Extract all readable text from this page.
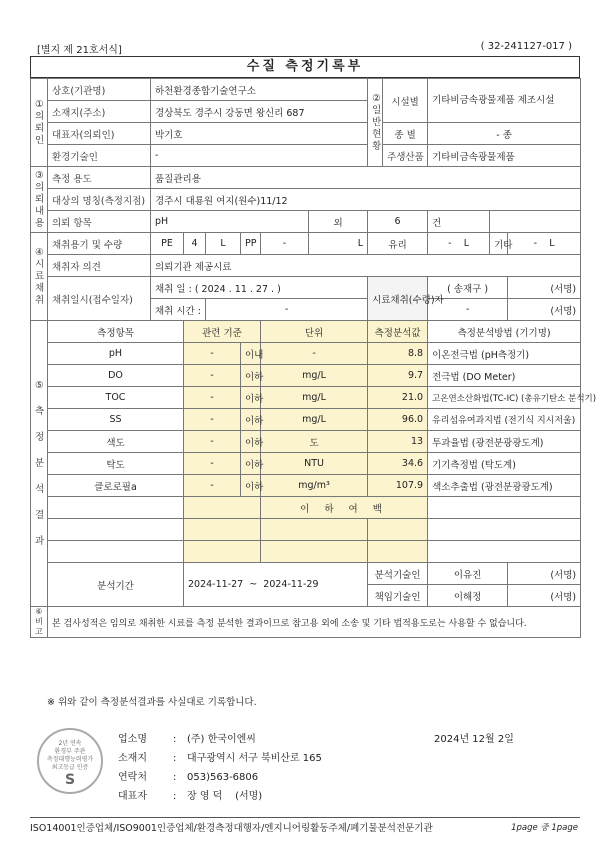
[별지 제 21호서식]	( 32-241127-017 )
수질 측정기록부
① 의 뢰 인	상호(기관명)	하천환경종합기술연구소						② 일 반 현 황	시설별	기타비금속광물제품 제조시설		
	소재지(주소)	경상북도 경주시 강동면 왕신리 687										
	대표자(의뢰인)	박기호							종 별	- 종		
	환경기술인	-							주생산품	기타비금속광물제품		
③ 의뢰 내용	측정 용도	품질관리용										
	대상의 명칭(측정지점)	경주시 대룡원 여지(원수)11/12										
	의뢰 항목	pH					외	6		건		
④ 시 료 채 취	채취용기 및 수량	PE	4	L	PP	-	L	유리		- L	기타	- L
	채취자 의견	의뢰기관 제공시료										
	채취일시(접수일자)	채취 일 : ( 2024 . 11 . 27 . )						시료채취(수령)자		( 송재구 )		(서명)
		채취 시간 :		-						-		(서명)
⑤ 측 정 분 석 결 과	측정항목		관련 기준			단위		측정분석값		측정분석방법 (기기명)		
	pH		-		이내	-		8.8		이온전극법 (pH측정기)		
	DO		-		이하	mg/L		9.7		전극법 (DO Meter)		
	TOC		-		이하	mg/L		21.0		고온연소산화법(TC-IC) (총유기탄소 분석기)		
	SS		-		이하	mg/L		96.0		유리섬유여과지법 (전기식 지시저울)		
	색도		-		이하	도		13		투과율법 (광전분광광도계)		
	탁도		-		이하	NTU		34.6		기기측정법 (탁도계)		
	클로로필a		-		이하	mg/m³		107.9		색소추출법 (광전분광광도계)		
						이 하 여 백						

	분석기간		2024-11-27 ~ 2024-11-29					분석기술인		이유진		(서명)
								책임기술인		이해정		(서명)
⑥ 비고	본 검사성적은 임의로 채취한 시료를 측정 분석한 결과이므로 참고용 외에 소송 및 기타 법적용도로는 사용할 수 없습니다.											
※ 위와 같이 측정분석결과를 사실대로 기록합니다.
2년 연속
환경부 주관
측정대행능력평가
최고등급 인증
S
업소명	: (주) 한국이엔씨
소재지	: 대구광역시 서구 북비산로 165
연락처	: 053)563-6806
대표자	: 장 영 덕 (서명)
2024년 12월 2일
ISO14001인증업체/ISO9001인증업체/환경측정대행자/엔지니어링활동주체/폐기물분석전문기관	1page 중 1page
